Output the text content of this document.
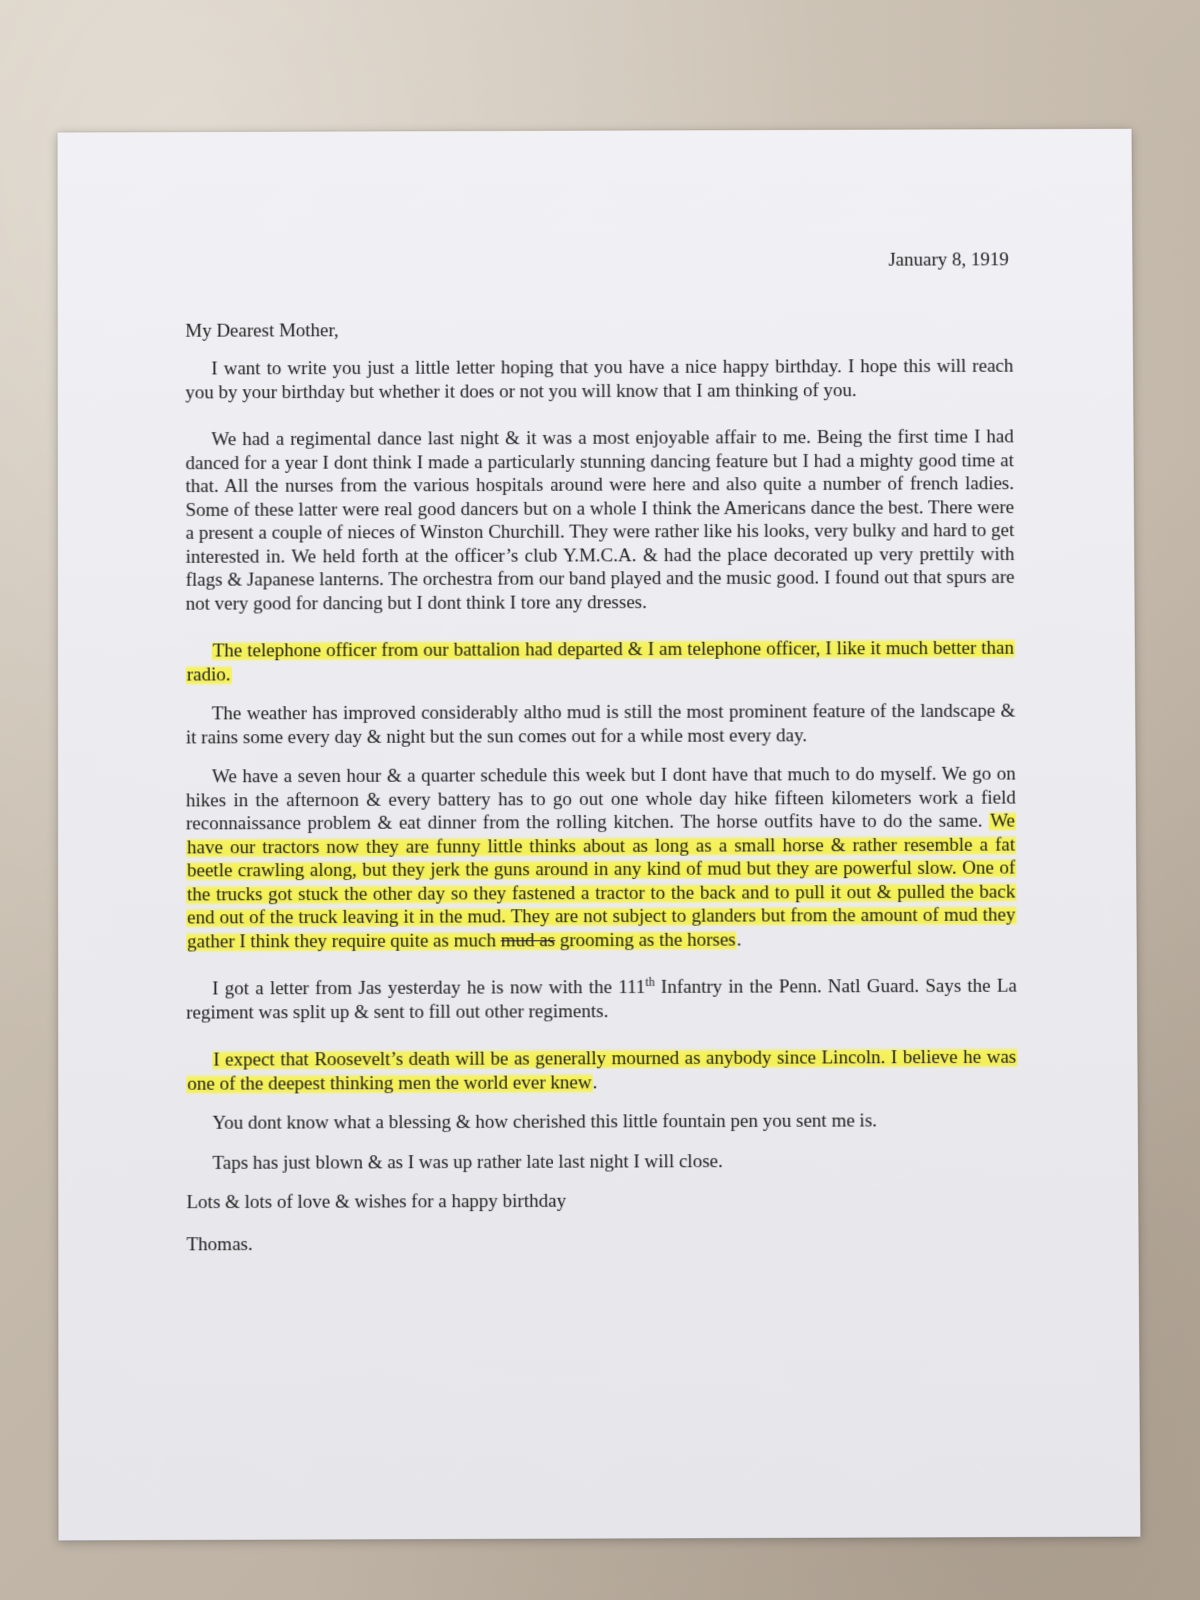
January 8, 1919
My Dearest Mother,

I want to write you just a little letter hoping that you have a nice happy birthday. I hope this will reach you by your birthday but whether it does or not you will know that I am thinking of you.

We had a regimental dance last night & it was a most enjoyable affair to me. Being the first time I had danced for a year I dont think I made a particularly stunning dancing feature but I had a mighty good time at that. All the nurses from the various hospitals around were here and also quite a number of french ladies. Some of these latter were real good dancers but on a whole I think the Americans dance the best. There were a present a couple of nieces of Winston Churchill. They were rather like his looks, very bulky and hard to get interested in. We held forth at the officer’s club Y.M.C.A. & had the place decorated up very prettily with flags & Japanese lanterns. The orchestra from our band played and the music good. I found out that spurs are not very good for dancing but I dont think I tore any dresses.

The telephone officer from our battalion had departed & I am telephone officer, I like it much better than radio.

The weather has improved considerably altho mud is still the most prominent feature of the landscape & it rains some every day & night but the sun comes out for a while most every day.

We have a seven hour & a quarter schedule this week but I dont have that much to do myself. We go on hikes in the afternoon & every battery has to go out one whole day hike fifteen kilometers work a field reconnaissance problem & eat dinner from the rolling kitchen. The horse outfits have to do the same. We have our tractors now they are funny little thinks about as long as a small horse & rather resemble a fat beetle crawling along, but they jerk the guns around in any kind of mud but they are powerful slow. One of the trucks got stuck the other day so they fastened a tractor to the back and to pull it out & pulled the back end out of the truck leaving it in the mud. They are not subject to glanders but from the amount of mud they gather I think they require quite as much mud as grooming as the horses.

I got a letter from Jas yesterday he is now with the 111th Infantry in the Penn. Natl Guard. Says the La regiment was split up & sent to fill out other regiments.

I expect that Roosevelt’s death will be as generally mourned as anybody since Lincoln. I believe he was one of the deepest thinking men the world ever knew.

You dont know what a blessing & how cherished this little fountain pen you sent me is.

Taps has just blown & as I was up rather late last night I will close.

Lots & lots of love & wishes for a happy birthday
Thomas.
